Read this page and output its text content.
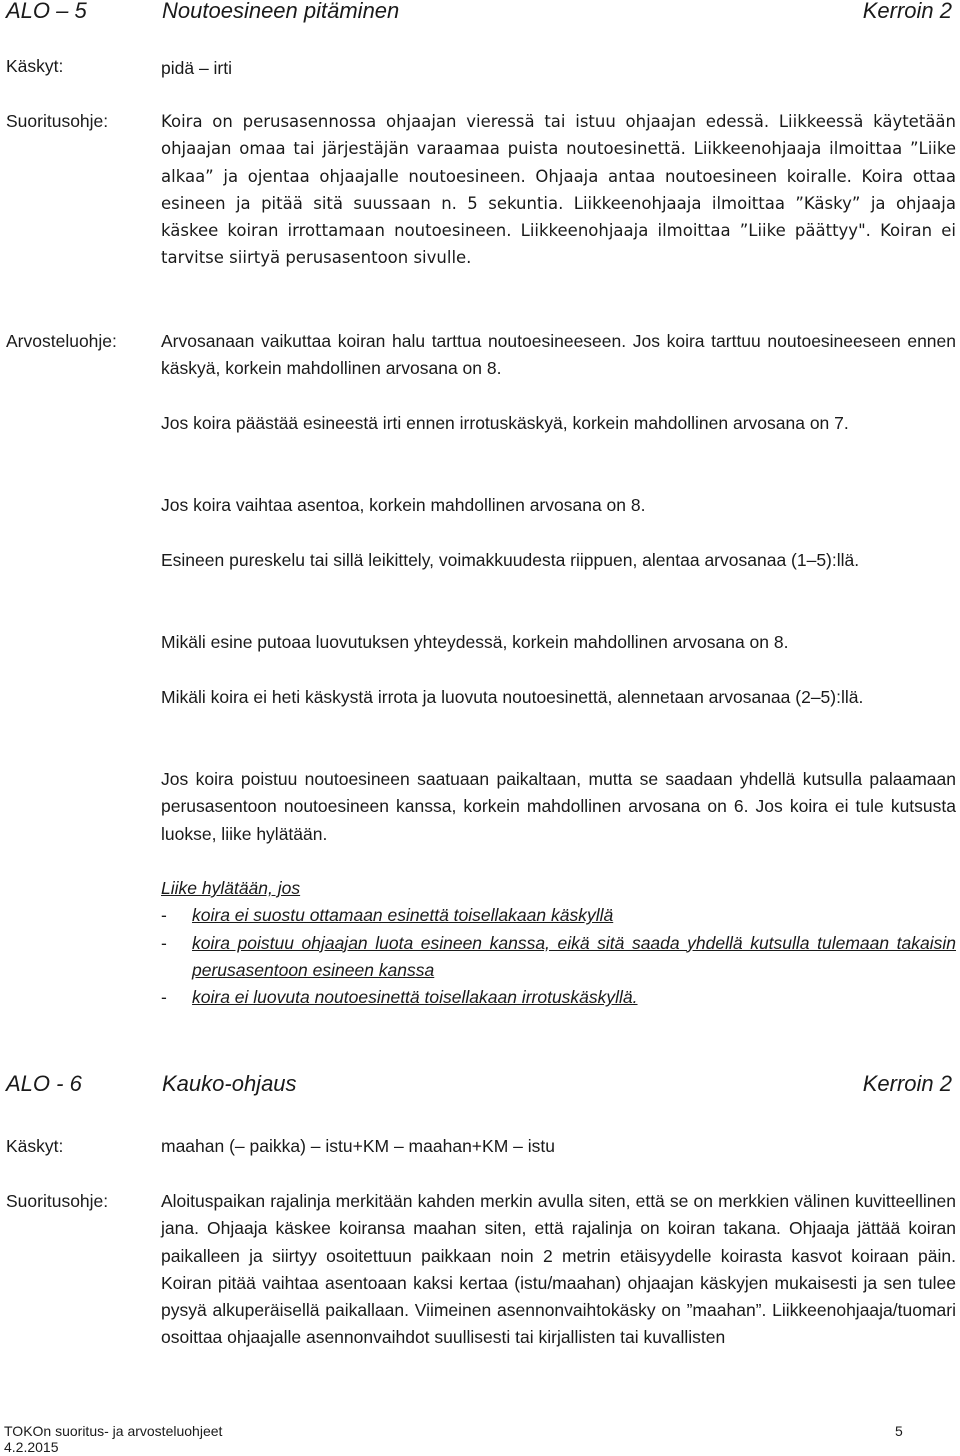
ALO – 5	Noutoesineen pitäminen	Kerroin 2
Käskyt:	pidä – irti
Suoritusohje:	Koira on perusasennossa ohjaajan vieressä tai istuu ohjaajan edessä. Liikkeessä käytetään ohjaajan omaa tai järjestäjän varaamaa puista noutoesinettä. Liikkeenohjaaja ilmoittaa ”Liike alkaa” ja ojentaa ohjaajalle noutoesineen. Ohjaaja antaa noutoesineen koiralle. Koira ottaa esineen ja pitää sitä suussaan n. 5 sekuntia. Liikkeenohjaaja ilmoittaa ”Käsky” ja ohjaaja käskee koiran irrottamaan noutoesineen. Liikkeenohjaaja ilmoittaa ”Liike päättyy". Koiran ei tarvitse siirtyä perusasentoon sivulle.

Arvosteluohje:	Arvosanaan vaikuttaa koiran halu tarttua noutoesineeseen. Jos koira tarttuu noutoesineeseen ennen käskyä, korkein mahdollinen arvosana on 8.

Jos koira päästää esineestä irti ennen irrotuskäskyä, korkein mahdollinen arvosana on 7.

Jos koira vaihtaa asentoa, korkein mahdollinen arvosana on 8.

Esineen pureskelu tai sillä leikittely, voimakkuudesta riippuen, alentaa arvosanaa (1–5):llä.

Mikäli esine putoaa luovutuksen yhteydessä, korkein mahdollinen arvosana on 8.

Mikäli koira ei heti käskystä irrota ja luovuta noutoesinettä, alennetaan arvosanaa (2–5):llä.

Jos koira poistuu noutoesineen saatuaan paikaltaan, mutta se saadaan yhdellä kutsulla palaamaan perusasentoon noutoesineen kanssa, korkein mahdollinen arvosana on 6. Jos koira ei tule kutsusta luokse, liike hylätään.

Liike hylätään, jos

- koira ei suostu ottamaan esinettä toisellakaan käskyllä
- koira poistuu ohjaajan luota esineen kanssa, eikä sitä saada yhdellä kutsulla tulemaan takaisin perusasentoon esineen kanssa
- koira ei luovuta noutoesinettä toisellakaan irrotuskäskyllä.
ALO - 6	Kauko-ohjaus	Kerroin 2
Käskyt:	maahan (– paikka) – istu+KM – maahan+KM – istu
Suoritusohje:	Aloituspaikan rajalinja merkitään kahden merkin avulla siten, että se on merkkien välinen kuvitteellinen jana. Ohjaaja käskee koiransa maahan siten, että rajalinja on koiran takana. Ohjaaja jättää koiran paikalleen ja siirtyy osoitettuun paikkaan noin 2 metrin etäisyydelle koirasta kasvot koiraan päin. Koiran pitää vaihtaa asentoaan kaksi kertaa (istu/maahan) ohjaajan käskyjen mukaisesti ja sen tulee pysyä alkuperäisellä paikallaan. Viimeinen asennonvaihtokäsky on ”maahan”. Liikkeenohjaaja/tuomari osoittaa ohjaajalle asennonvaihdot suullisesti tai kirjallisten tai kuvallisten

TOKOn suoritus- ja arvosteluohjeet	5
4.2.2015
